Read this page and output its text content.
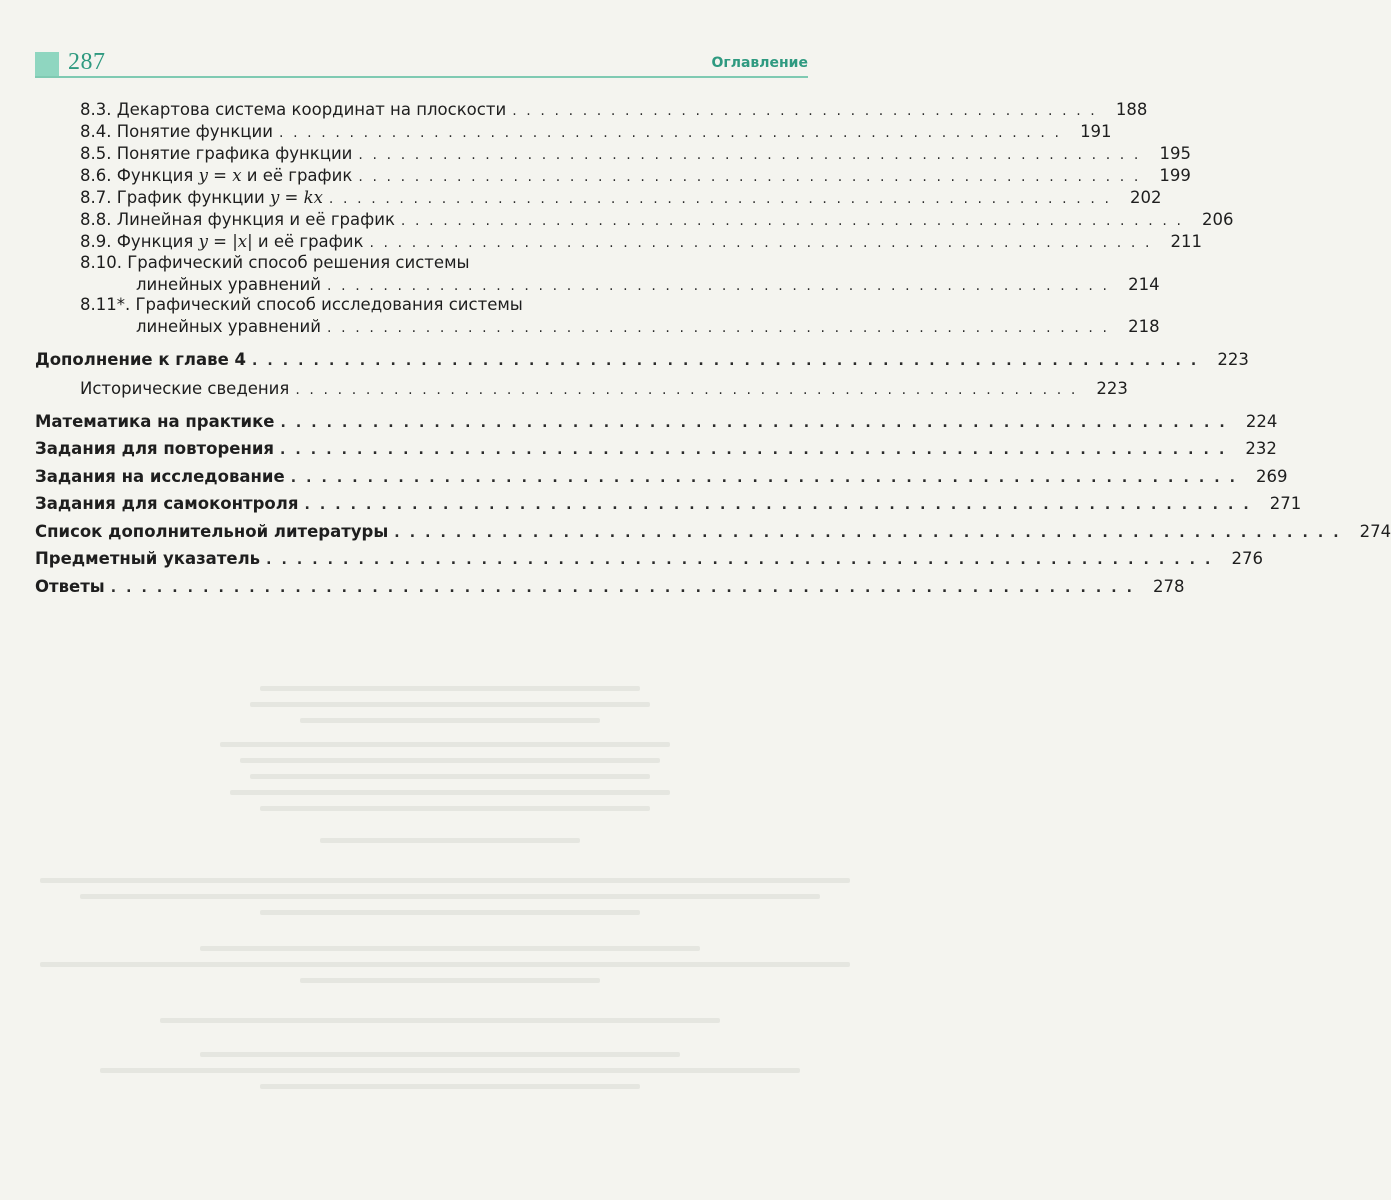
287	Оглавление
8.3. Декартова система координат на плоскости . . . . . . . . . . . . . . . . . . . . . . . . . . . . . . . . . . . . . . . . . .	188
8.4. Понятие функции . . . . . . . . . . . . . . . . . . . . . . . . . . . . . . . . . . . . . . . . . . . . . . . . . . . . . . . .	191
8.5. Понятие графика функции . . . . . . . . . . . . . . . . . . . . . . . . . . . . . . . . . . . . . . . . . . . . . . . . . . . . . . . .	195
8.6. Функция y = x и её график . . . . . . . . . . . . . . . . . . . . . . . . . . . . . . . . . . . . . . . . . . . . . . . . . . . . . . . .	199
8.7. График функции y = kx . . . . . . . . . . . . . . . . . . . . . . . . . . . . . . . . . . . . . . . . . . . . . . . . . . . . . . . .	202
8.8. Линейная функция и её график . . . . . . . . . . . . . . . . . . . . . . . . . . . . . . . . . . . . . . . . . . . . . . . . . . . . . . . .	206
8.9. Функция y = |x| и её график . . . . . . . . . . . . . . . . . . . . . . . . . . . . . . . . . . . . . . . . . . . . . . . . . . . . . . . .	211
8.10. Графический способ решения системы
линейных уравнений . . . . . . . . . . . . . . . . . . . . . . . . . . . . . . . . . . . . . . . . . . . . . . . . . . . . . . . .	214
8.11*. Графический способ исследования системы
линейных уравнений . . . . . . . . . . . . . . . . . . . . . . . . . . . . . . . . . . . . . . . . . . . . . . . . . . . . . . . .	218
Дополнение к главе 4 . . . . . . . . . . . . . . . . . . . . . . . . . . . . . . . . . . . . . . . . . . . . . . . . . . . . . . . . . . . . . .	223
Исторические сведения . . . . . . . . . . . . . . . . . . . . . . . . . . . . . . . . . . . . . . . . . . . . . . . . . . . . . . . .	223
Математика на практике . . . . . . . . . . . . . . . . . . . . . . . . . . . . . . . . . . . . . . . . . . . . . . . . . . . . . . . . . . . . . .	224
Задания для повторения . . . . . . . . . . . . . . . . . . . . . . . . . . . . . . . . . . . . . . . . . . . . . . . . . . . . . . . . . . . . . .	232
Задания на исследование . . . . . . . . . . . . . . . . . . . . . . . . . . . . . . . . . . . . . . . . . . . . . . . . . . . . . . . . . . . . . .	269
Задания для самоконтроля . . . . . . . . . . . . . . . . . . . . . . . . . . . . . . . . . . . . . . . . . . . . . . . . . . . . . . . . . . . . . .	271
Список дополнительной литературы . . . . . . . . . . . . . . . . . . . . . . . . . . . . . . . . . . . . . . . . . . . . . . . . . . . . . . . . . . . . . .	274
Предметный указатель . . . . . . . . . . . . . . . . . . . . . . . . . . . . . . . . . . . . . . . . . . . . . . . . . . . . . . . . . . . . . .	276
Ответы . . . . . . . . . . . . . . . . . . . . . . . . . . . . . . . . . . . . . . . . . . . . . . . . . . . . . . . . . . . . . . . . . . .	278
